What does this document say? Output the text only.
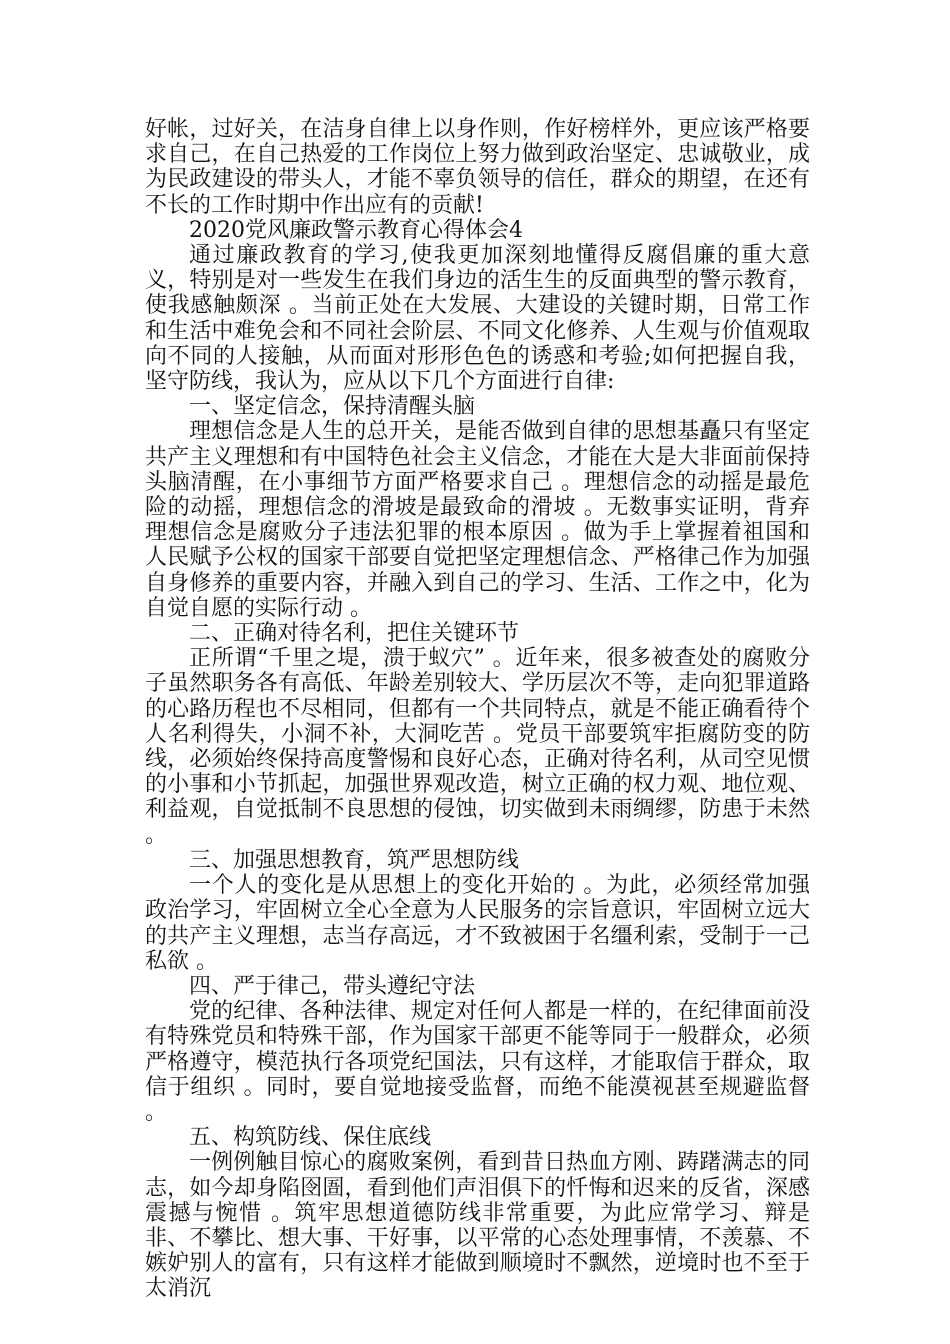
好帐，过好关，在洁身自律上以身作则，作好榜样外，更应该严格要求自己，在自己热爱的工作岗位上努力做到政治坚定、忠诚敬业，成为民政建设的带头人，才能不辜负领导的信任，群众的期望，在还有不长的工作时期中作出应有的贡献!

2020党风廉政警示教育心得体会4

通过廉政教育的学习,使我更加深刻地懂得反腐倡廉的重大意义，特别是对一些发生在我们身边的活生生的反面典型的警示教育，使我感触颇深 。当前正处在大发展、大建设的关键时期，日常工作和生活中难免会和不同社会阶层、不同文化修养、人生观与价值观取向不同的人接触，从而面对形形色色的诱惑和考验;如何把握自我，坚守防线，我认为，应从以下几个方面进行自律:

一、坚定信念，保持清醒头脑

理想信念是人生的总开关，是能否做到自律的思想基矗只有坚定共产主义理想和有中国特色社会主义信念，才能在大是大非面前保持头脑清醒，在小事细节方面严格要求自己 。理想信念的动摇是最危险的动摇，理想信念的滑坡是最致命的滑坡 。无数事实证明，背弃理想信念是腐败分子违法犯罪的根本原因 。做为手上掌握着祖国和人民赋予公权的国家干部要自觉把坚定理想信念、严格律己作为加强自身修养的重要内容，并融入到自己的学习、生活、工作之中，化为自觉自愿的实际行动 。

二、正确对待名利，把住关键环节

正所谓“千里之堤，溃于蚁穴” 。近年来，很多被查处的腐败分子虽然职务各有高低、年龄差别较大、学历层次不等，走向犯罪道路的心路历程也不尽相同，但都有一个共同特点，就是不能正确看待个人名利得失，小洞不补，大洞吃苦 。党员干部要筑牢拒腐防变的防线，必须始终保持高度警惕和良好心态，正确对待名利，从司空见惯的小事和小节抓起，加强世界观改造，树立正确的权力观、地位观、利益观，自觉抵制不良思想的侵蚀，切实做到未雨绸缪，防患于未然 。

三、加强思想教育，筑严思想防线

一个人的变化是从思想上的变化开始的 。为此，必须经常加强政治学习，牢固树立全心全意为人民服务的宗旨意识，牢固树立远大的共产主义理想，志当存高远，才不致被困于名缰利索，受制于一己私欲 。

四、严于律己，带头遵纪守法

党的纪律、各种法律、规定对任何人都是一样的，在纪律面前没有特殊党员和特殊干部，作为国家干部更不能等同于一般群众，必须严格遵守，模范执行各项党纪国法，只有这样，才能取信于群众，取信于组织 。同时，要自觉地接受监督，而绝不能漠视甚至规避监督 。

五、构筑防线、保住底线

一例例触目惊心的腐败案例，看到昔日热血方刚、踌躇满志的同志，如今却身陷囹圄，看到他们声泪俱下的忏悔和迟来的反省，深感震撼与惋惜 。筑牢思想道德防线非常重要，为此应常学习、辩是非、不攀比、想大事、干好事，以平常的心态处理事情，不羡慕、不嫉妒别人的富有，只有这样才能做到顺境时不飘然，逆境时也不至于太消沉
